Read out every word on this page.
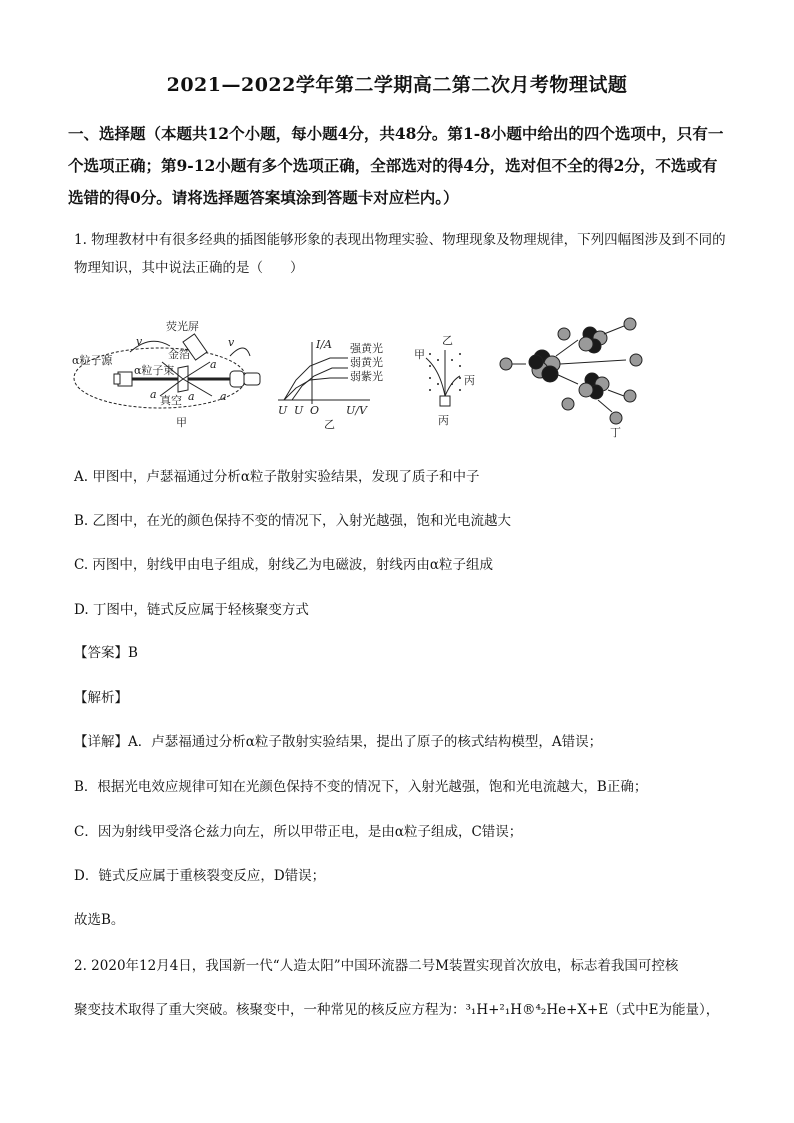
2021—2022学年第二学期高二第二次月考物理试题
一、选择题（本题共12个小题，每小题4分，共48分。第1-8小题中给出的四个选项中，只有一个选项正确；第9-12小题有多个选项正确，全部选对的得4分，选对但不全的得2分，不选或有选错的得0分。请将选择题答案填涂到答题卡对应栏内。）
1. 物理教材中有很多经典的插图能够形象的表现出物理实验、物理现象及物理规律，下列四幅图涉及到不同的物理知识，其中说法正确的是（　　）
荧光屏
金箔
α粒子源
α粒子束
真空
v	v
a	a a
a
甲
I/A
U/V
O
U U
强黄光
弱黄光
弱紫光
乙
甲
乙
丙
丙
丁
A. 甲图中，卢瑟福通过分析α粒子散射实验结果，发现了质子和中子
B. 乙图中，在光的颜色保持不变的情况下，入射光越强，饱和光电流越大
C. 丙图中，射线甲由电子组成，射线乙为电磁波，射线丙由α粒子组成
D. 丁图中，链式反应属于轻核聚变方式
【答案】B
【解析】
【详解】A．卢瑟福通过分析α粒子散射实验结果，提出了原子的核式结构模型，A错误；
B．根据光电效应规律可知在光颜色保持不变的情况下，入射光越强，饱和光电流越大，B正确；
C．因为射线甲受洛仑兹力向左，所以甲带正电，是由α粒子组成，C错误；
D．链式反应属于重核裂变反应，D错误；
故选B。
2. 2020年12月4日，我国新一代“人造太阳”中国环流器二号M装置实现首次放电，标志着我国可控核
聚变技术取得了重大突破。核聚变中，一种常见的核反应方程为：³₁H+²₁H®⁴₂He+X+E（式中E为能量），
